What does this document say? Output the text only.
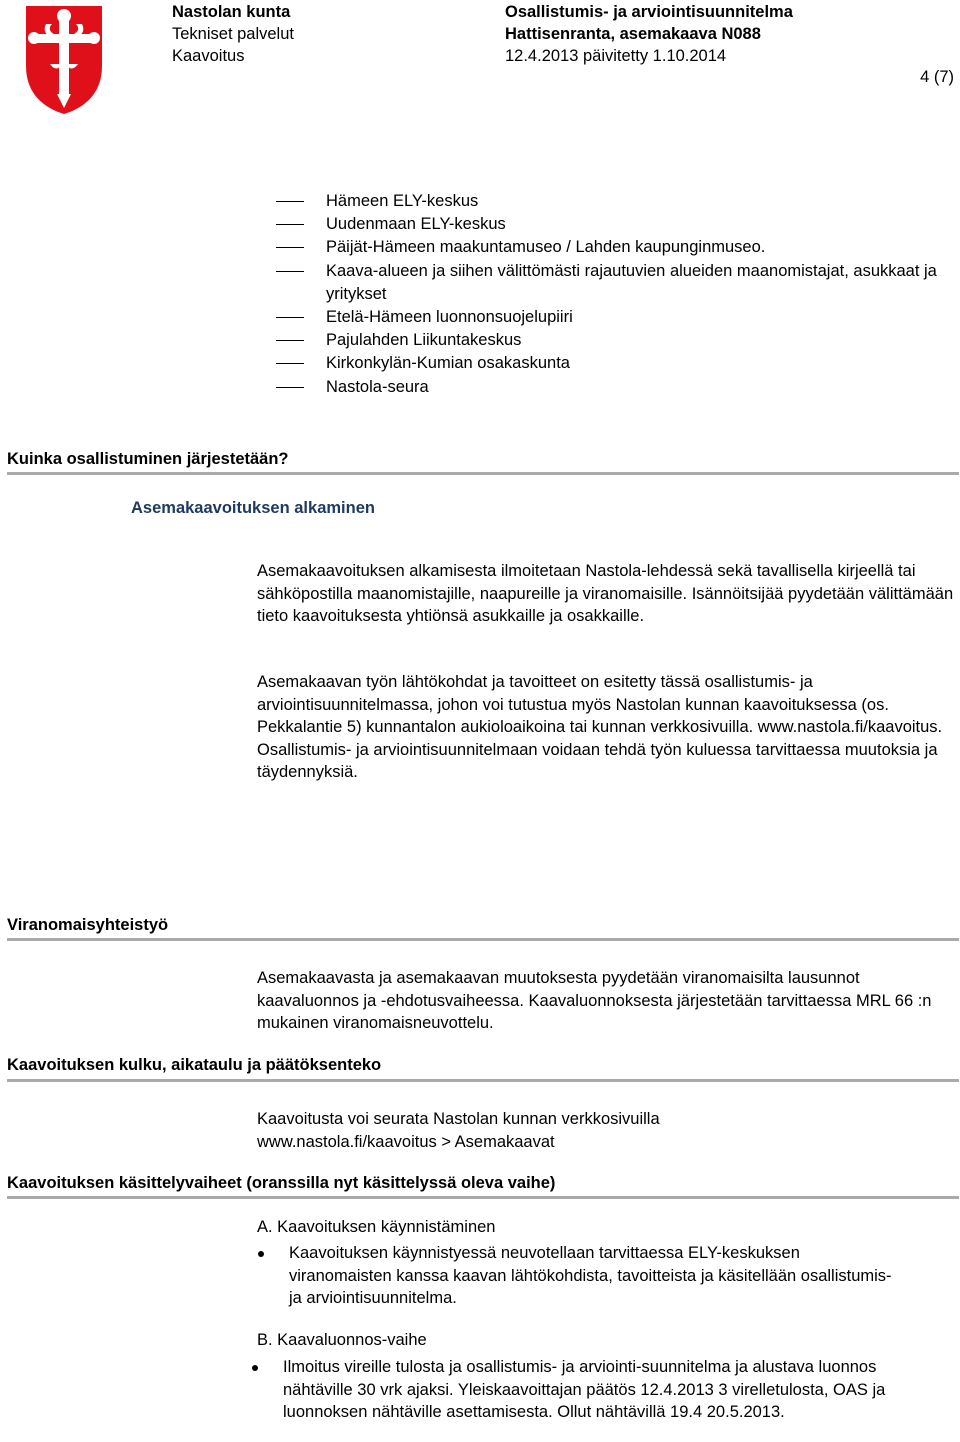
Nastolan kunta
Tekniset palvelut
Kaavoitus
Osallistumis- ja arviointisuunnitelma
Hattisenranta, asemakaava N088
12.4.2013 päivitetty 1.10.2014
4 (7)
Hämeen ELY-keskus
Uudenmaan ELY-keskus
Päijät-Hämeen maakuntamuseo / Lahden kaupunginmuseo.
Kaava-alueen ja siihen välittömästi rajautuvien alueiden maanomistajat, asukkaat ja yritykset
Etelä-Hämeen luonnonsuojelupiiri
Pajulahden Liikuntakeskus
Kirkonkylän-Kumian osakaskunta
Nastola-seura
Kuinka osallistuminen järjestetään?
Asemakaavoituksen alkaminen

Asemakaavoituksen alkamisesta ilmoitetaan Nastola-lehdessä sekä tavallisella kirjeellä tai sähköpostilla maanomistajille, naapureille ja viranomaisille. Isännöitsijää pyydetään välittämään tieto kaavoituksesta yhtiönsä asukkaille ja osakkaille.

Asemakaavan työn lähtökohdat ja tavoitteet on esitetty tässä osallistumis- ja arviointisuunnitelmassa, johon voi tutustua myös Nastolan kunnan kaavoituksessa (os. Pekkalantie 5) kunnantalon aukioloaikoina tai kunnan verkkosivuilla. www.nastola.fi/kaavoitus. Osallistumis- ja arviointisuunnitelmaan voidaan tehdä työn kuluessa tarvittaessa muutoksia ja täydennyksiä.

Viranomaisyhteistyö

Asemakaavasta ja asemakaavan muutoksesta pyydetään viranomaisilta lausunnot kaavaluonnos ja -ehdotusvaiheessa. Kaavaluonnoksesta järjestetään tarvittaessa MRL 66 :n mukainen viranomaisneuvottelu.

Kaavoituksen kulku, aikataulu ja päätöksenteko
Kaavoitusta voi seurata Nastolan kunnan verkkosivuilla
www.nastola.fi/kaavoitus > Asemakaavat
Kaavoituksen käsittelyvaiheet (oranssilla nyt käsittelyssä oleva vaihe)
A. Kaavoituksen käynnistäminen
Kaavoituksen käynnistyessä neuvotellaan tarvittaessa ELY-keskuksen viranomaisten kanssa kaavan lähtökohdista, tavoitteista ja käsitellään osallistumis- ja arviointisuunnitelma.
B. Kaavaluonnos-vaihe
Ilmoitus vireille tulosta ja osallistumis- ja arviointi-suunnitelma ja alustava luonnos nähtäville 30 vrk ajaksi. Yleiskaavoittajan päätös 12.4.2013 3 virelletulosta, OAS ja luonnoksen nähtäville asettamisesta. Ollut nähtävillä 19.4 20.5.2013.
